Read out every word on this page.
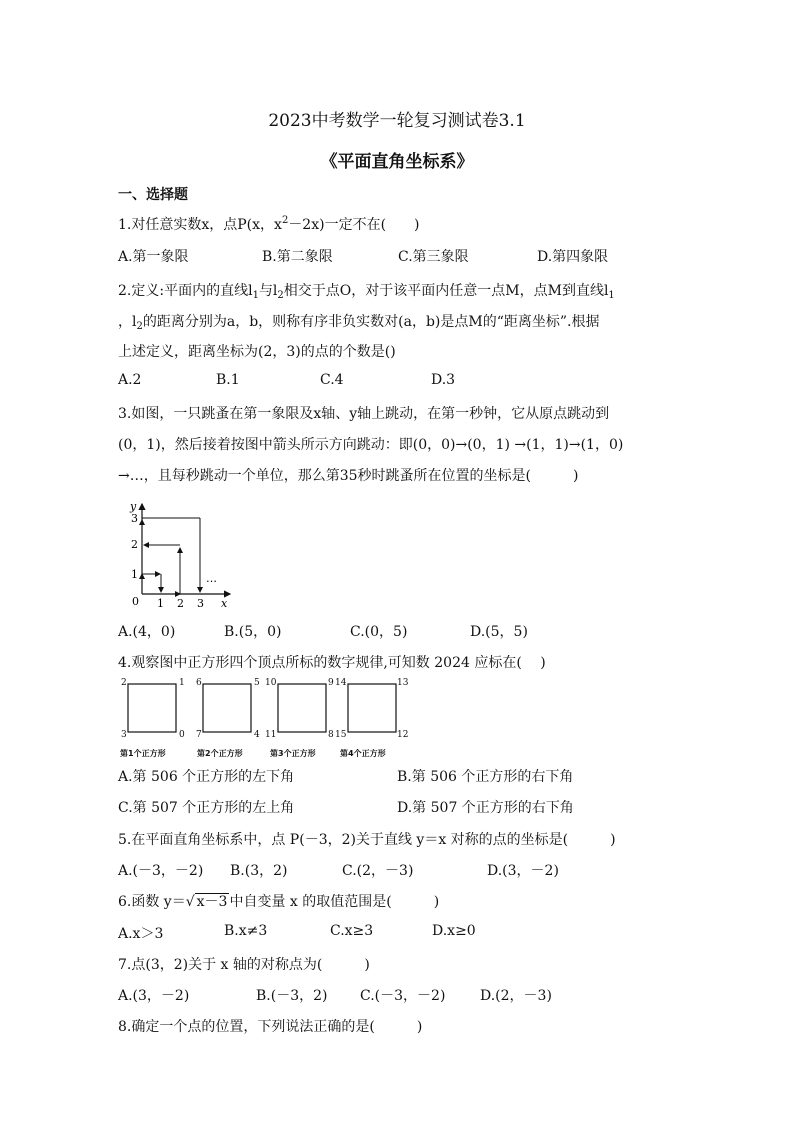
2023中考数学一轮复习测试卷3.1
《平面直角坐标系》
一、选择题
1.对任意实数x，点P(x，$x^2-2x$)一定不在(　　)
A.第一象限	B.第二象限	C.第三象限	D.第四象限
2.定义:平面内的直线$l_1$与$l_2$相交于点O，对于该平面内任意一点M，点M到直线$l_1$
，$l_2$的距离分别为a，b，则称有序非负实数对(a，b)是点M的“距离坐标”.根据
上述定义，距离坐标为(2，3)的点的个数是()
A.2	B.1	C.4	D.3
3.如图，一只跳蚤在第一象限及x轴、y轴上跳动，在第一秒钟，它从原点跳动到
(0，1)，然后接着按图中箭头所示方向跳动：即(0，0)→(0，1) →(1，1)→(1，0)
→…，且每秒跳动一个单位，那么第35秒时跳蚤所在位置的坐标是(　　　)
y
x
1
2
3
0 1 2 3
…
A.(4，0)	B.(5，0)	C.(0，5)	D.(5，5)
4.观察图中正方形四个顶点所标的数字规律,可知数 2024 应标在(　 )
2	1
3	0
第1个正方形
6	5
7	4
第2个正方形
10	9
11	8
第3个正方形
14	13
15	12
第4个正方形
A.第 506 个正方形的左下角	B.第 506 个正方形的右下角
C.第 507 个正方形的左上角	D.第 507 个正方形的右下角
5.在平面直角坐标系中，点 P(－3，2)关于直线 y＝x 对称的点的坐标是(　　　)
A.(－3，－2) B.(3，2)	C.(2，－3)	D.(3，－2)
6.函数 y＝√ x－3 中自变量 x 的取值范围是(　　　)
A.x＞3	B.x≠3	C.x≥3	D.x≥0
7.点(3，2)关于 x 轴的对称点为(　　　)
A.(3，－2)	B.(－3，2) C.(－3，－2) D.(2，－3)
8.确定一个点的位置，下列说法正确的是(　　　)
